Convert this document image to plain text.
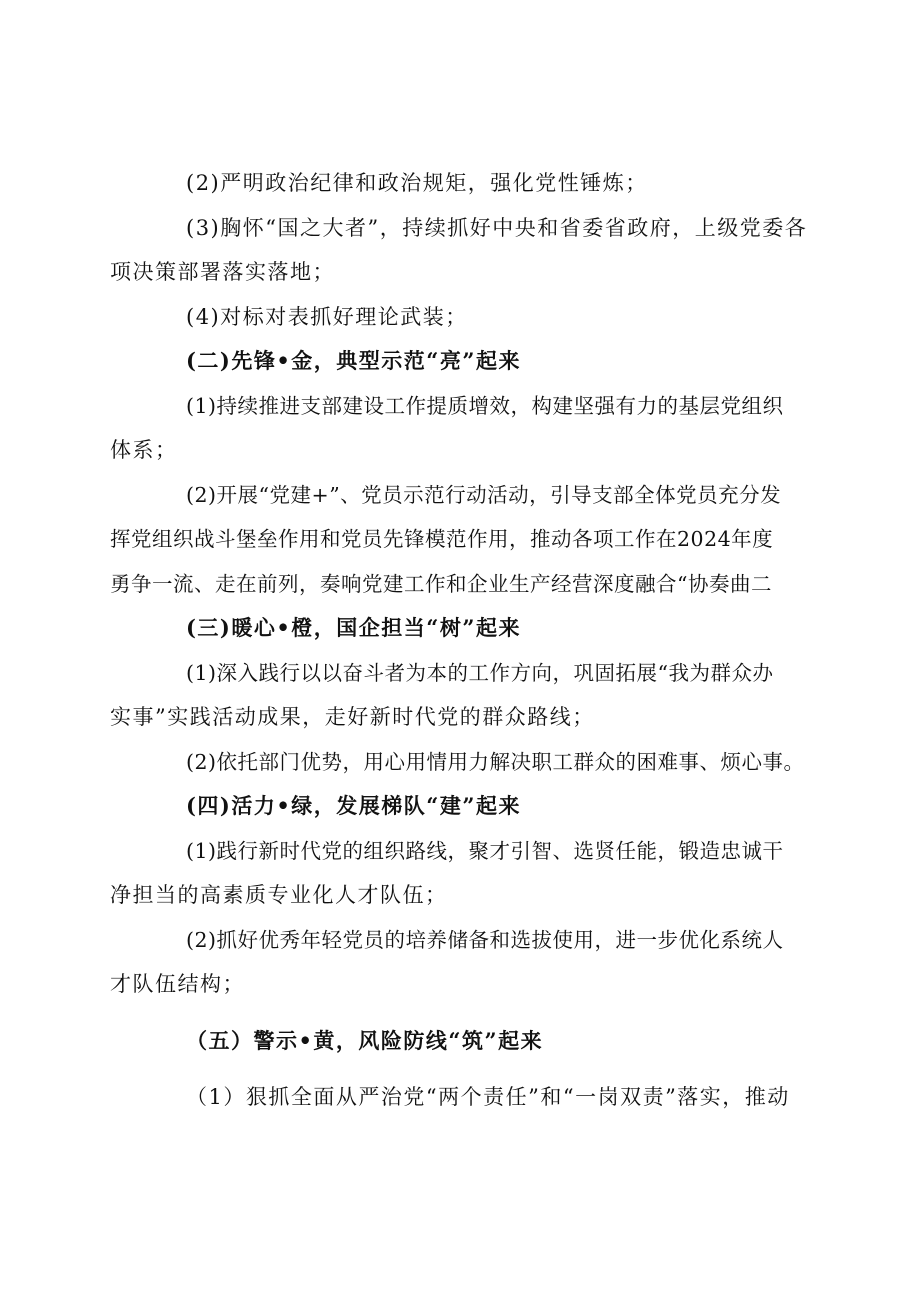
(2)严明政治纪律和政治规矩，强化党性锤炼；
(3)胸怀“国之大者”，持续抓好中央和省委省政府，上级党委各
项决策部署落实落地；
(4)对标对表抓好理论武装；
(二)先锋•金，典型示范“亮”起来
(1)持续推进支部建设工作提质增效，构建坚强有力的基层党组织
体系；
(2)开展“党建+”、党员示范行动活动，引导支部全体党员充分发
挥党组织战斗堡垒作用和党员先锋模范作用，推动各项工作在2024年度
勇争一流、走在前列，奏响党建工作和企业生产经营深度融合“协奏曲二
(三)暖心•橙，国企担当“树”起来
(1)深入践行以以奋斗者为本的工作方向，巩固拓展“我为群众办
实事”实践活动成果，走好新时代党的群众路线；
(2)依托部门优势，用心用情用力解决职工群众的困难事、烦心事。
(四)活力•绿，发展梯队“建”起来
(1)践行新时代党的组织路线，聚才引智、选贤任能，锻造忠诚干
净担当的高素质专业化人才队伍；
(2)抓好优秀年轻党员的培养储备和选拔使用，进一步优化系统人
才队伍结构；
（五）警示•黄，风险防线“筑”起来
（1）狠抓全面从严治党“两个责任”和“一岗双责”落实，推动
